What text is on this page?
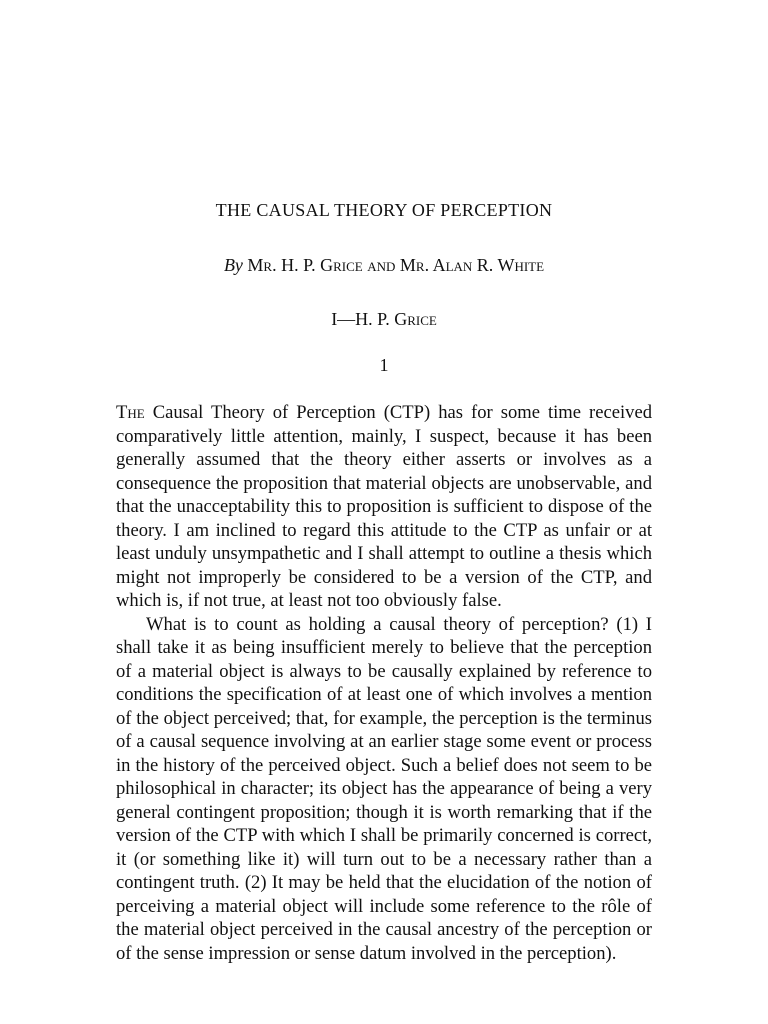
THE CAUSAL THEORY OF PERCEPTION
By Mr. H. P. Grice and Mr. Alan R. White
I—H. P. Grice
1

The Causal Theory of Perception (CTP) has for some time received comparatively little attention, mainly, I suspect, because it has been generally assumed that the theory either asserts or involves as a consequence the proposition that material objects are unobservable, and that the unacceptability this to proposition is sufficient to dispose of the theory. I am inclined to regard this attitude to the CTP as unfair or at least unduly unsympathetic and I shall attempt to outline a thesis which might not improperly be considered to be a version of the CTP, and which is, if not true, at least not too obviously false.

What is to count as holding a causal theory of perception? (1) I shall take it as being insufficient merely to believe that the perception of a material object is always to be causally explained by reference to conditions the specification of at least one of which involves a mention of the object perceived; that, for example, the perception is the terminus of a causal sequence involving at an earlier stage some event or process in the history of the perceived object. Such a belief does not seem to be philosophical in character; its object has the appearance of being a very general contingent proposition; though it is worth remarking that if the version of the CTP with which I shall be primarily concerned is correct, it (or something like it) will turn out to be a necessary rather than a contingent truth. (2) It may be held that the elucidation of the notion of perceiving a material object will include some reference to the rôle of the material object perceived in the causal ancestry of the perception or of the sense impression or sense datum involved in the perception).
